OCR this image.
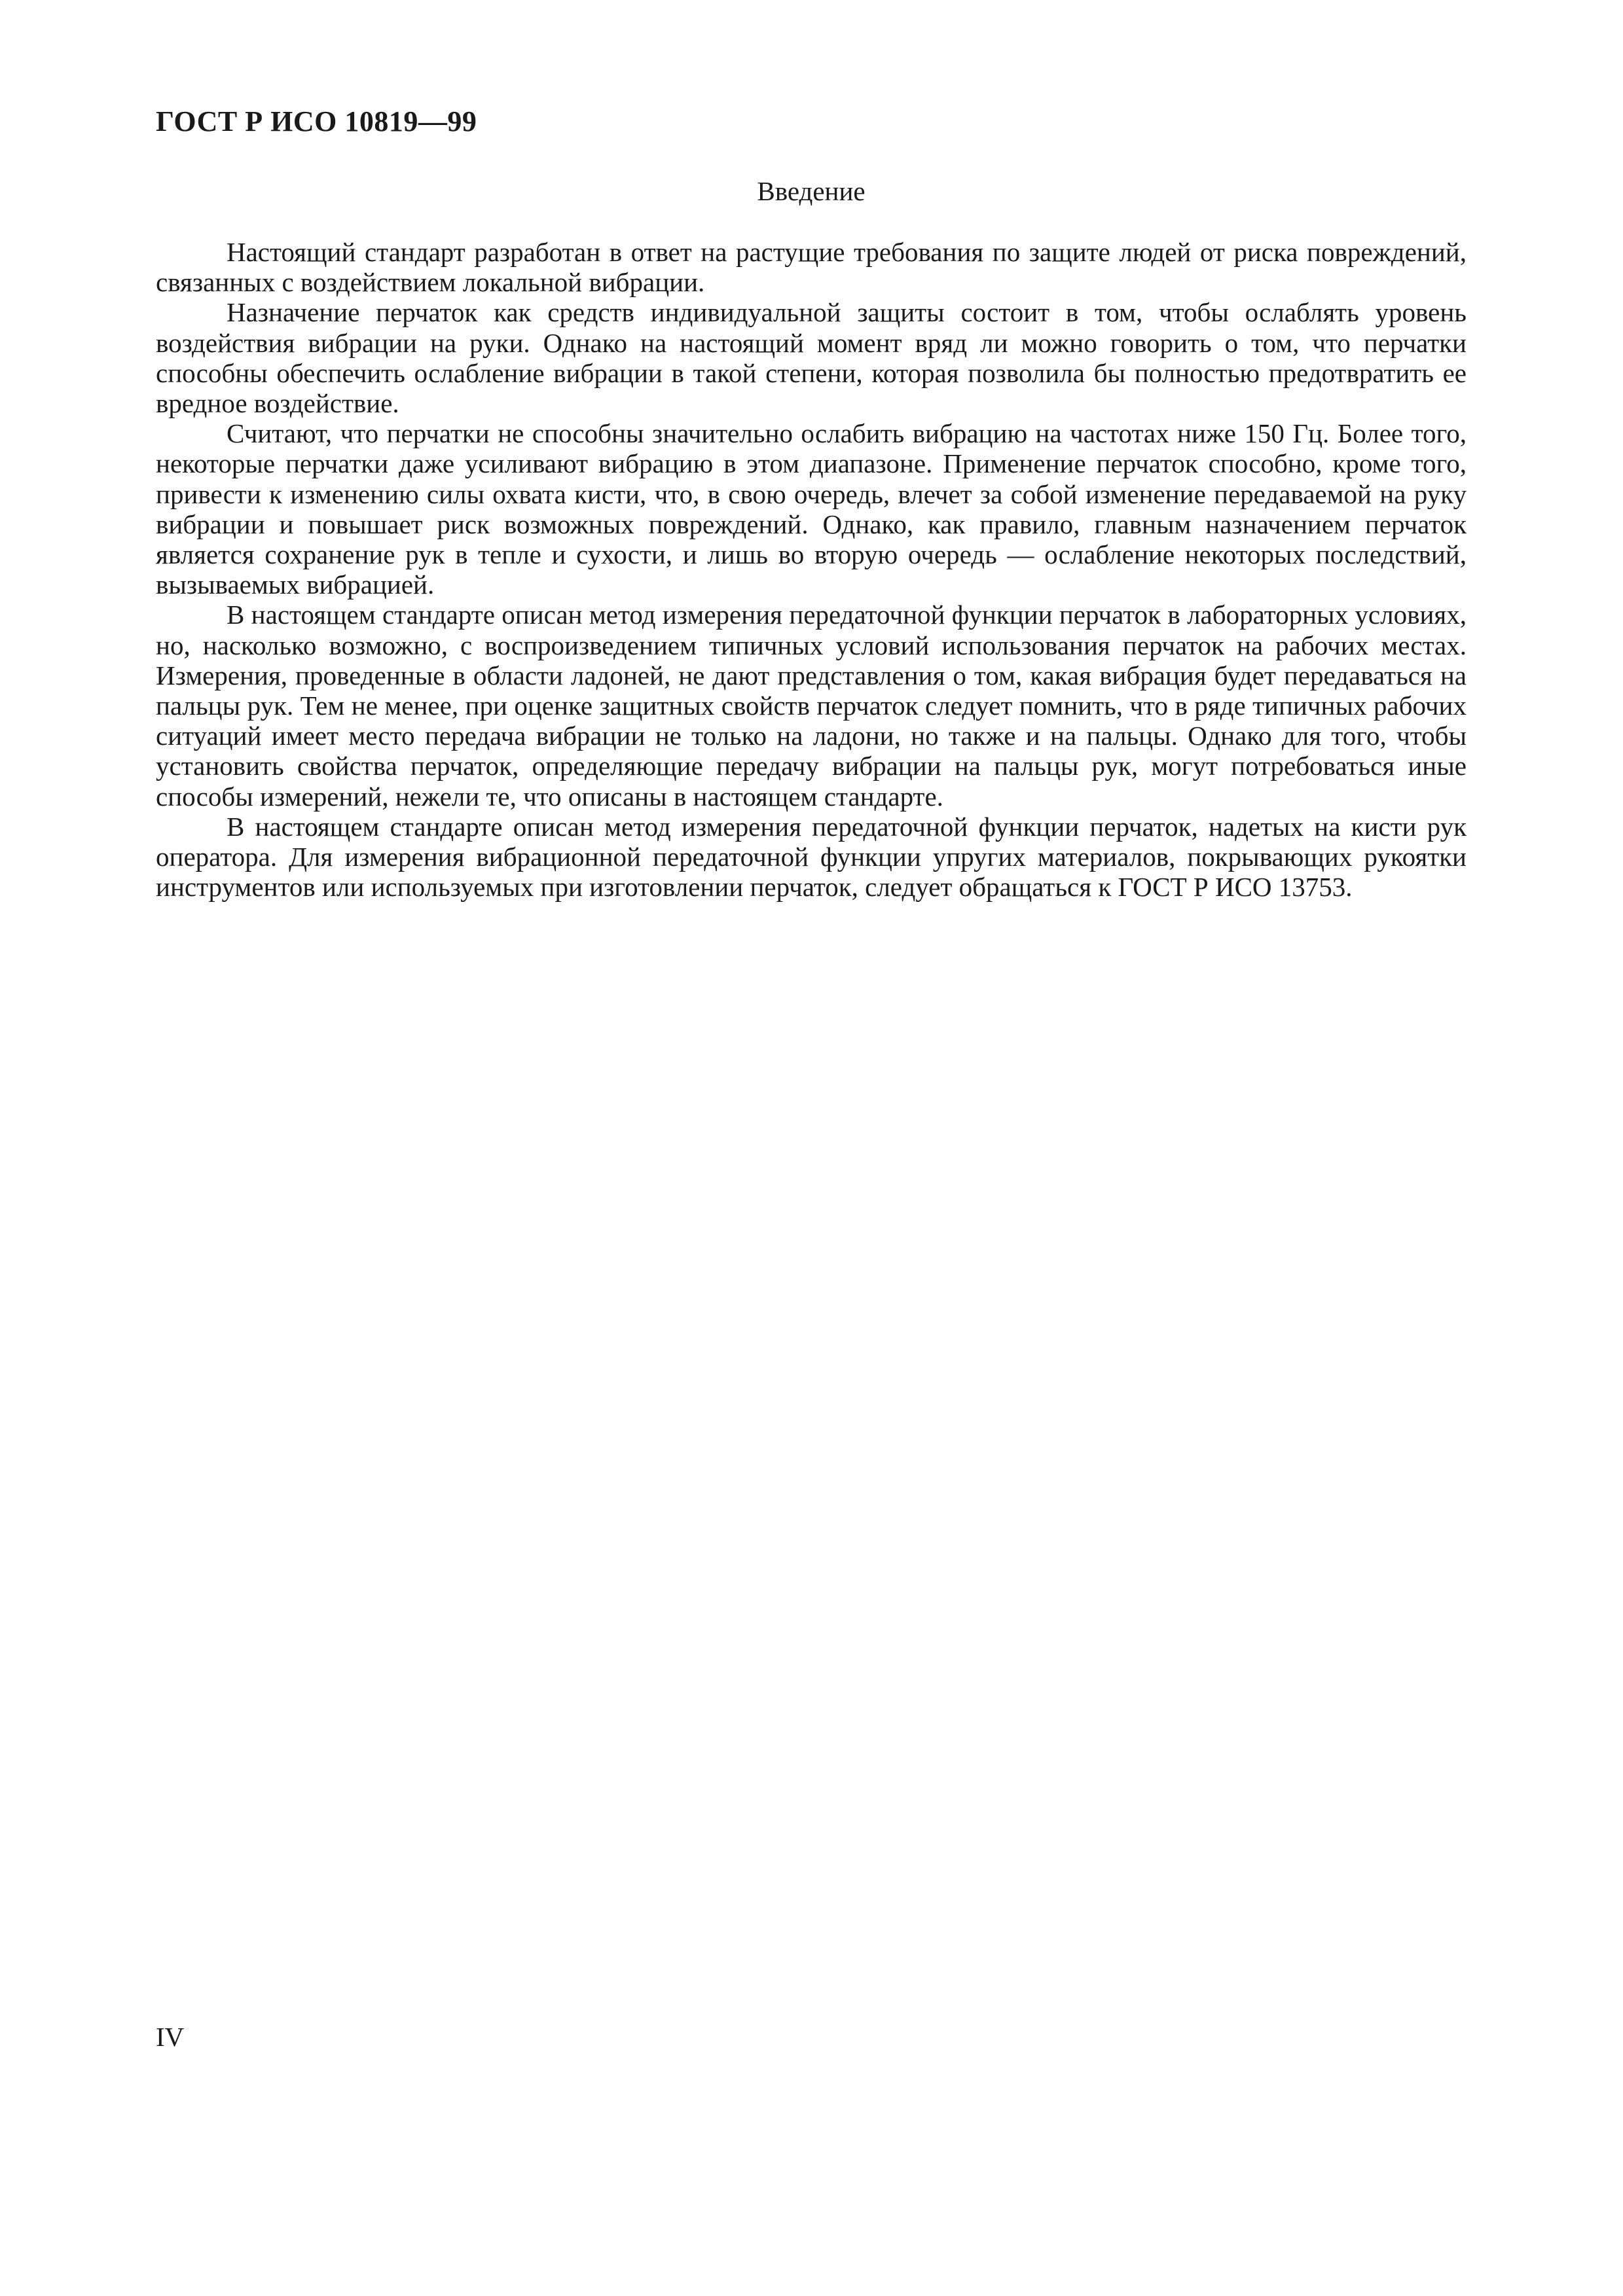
ГОСТ Р ИСО 10819—99
Введение

Настоящий стандарт разработан в ответ на растущие требования по защите людей от риска повреждений, связанных с воздействием локальной вибрации.

Назначение перчаток как средств индивидуальной защиты состоит в том, чтобы ослаблять уровень воздействия вибрации на руки. Однако на настоящий момент вряд ли можно говорить о том, что перчатки способны обеспечить ослабление вибрации в такой степени, которая позволила бы полностью предотвратить ее вредное воздействие.

Считают, что перчатки не способны значительно ослабить вибрацию на частотах ниже 150 Гц. Более того, некоторые перчатки даже усиливают вибрацию в этом диапазоне. Применение перчаток способно, кроме того, привести к изменению силы охвата кисти, что, в свою очередь, влечет за собой изменение передаваемой на руку вибрации и повышает риск возможных повреждений. Однако, как правило, главным назначением перчаток является сохранение рук в тепле и сухости, и лишь во вторую очередь — ослабление некоторых последствий, вызываемых вибрацией.

В настоящем стандарте описан метод измерения передаточной функции перчаток в лабораторных условиях, но, насколько возможно, с воспроизведением типичных условий использования перчаток на рабочих местах. Измерения, проведенные в области ладоней, не дают представления о том, какая вибрация будет передаваться на пальцы рук. Тем не менее, при оценке защитных свойств перчаток следует помнить, что в ряде типичных рабочих ситуаций имеет место передача вибрации не только на ладони, но также и на пальцы. Однако для того, чтобы установить свойства перчаток, определяющие передачу вибрации на пальцы рук, могут потребоваться иные способы измерений, нежели те, что описаны в настоящем стандарте.

В настоящем стандарте описан метод измерения передаточной функции перчаток, надетых на кисти рук оператора. Для измерения вибрационной передаточной функции упругих материалов, покрывающих рукоятки инструментов или используемых при изготовлении перчаток, следует обращаться к ГОСТ Р ИСО 13753.

IV
